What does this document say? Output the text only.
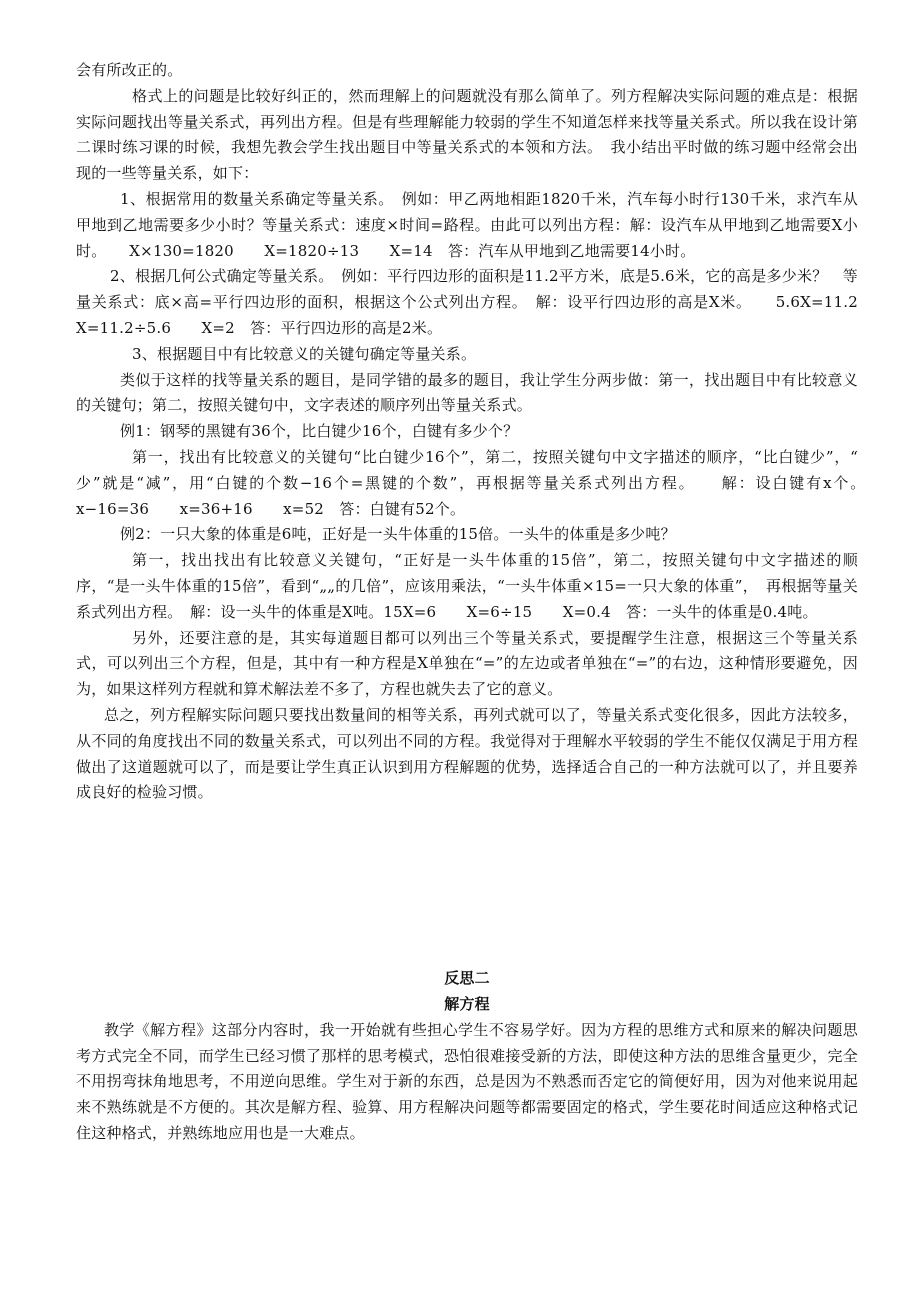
会有所改正的。

格式上的问题是比较好纠正的，然而理解上的问题就没有那么简单了。列方程解决实际问题的难点是：根据实际问题找出等量关系式，再列出方程。但是有些理解能力较弱的学生不知道怎样来找等量关系式。所以我在设计第二课时练习课的时候，我想先教会学生找出题目中等量关系式的本领和方法。　我小结出平时做的练习题中经常会出现的一些等量关系，如下：

1、根据常用的数量关系确定等量关系。　例如：甲乙两地相距1820千米，汽车每小时行130千米，求汽车从甲地到乙地需要多少小时？等量关系式：速度×时间=路程。由此可以列出方程：解：设汽车从甲地到乙地需要X小时。　　X×130=1820　　X=1820÷13　　X=14　答：汽车从甲地到乙地需要14小时。

2、根据几何公式确定等量关系。　例如：平行四边形的面积是11.2平方米，底是5.6米，它的高是多少米？　等量关系式：底×高=平行四边形的面积，根据这个公式列出方程。　解：设平行四边形的高是X米。　　5.6X=11.2　　X=11.2÷5.6　　X=2　答：平行四边形的高是2米。

3、根据题目中有比较意义的关键句确定等量关系。

类似于这样的找等量关系的题目，是同学错的最多的题目，我让学生分两步做：第一，找出题目中有比较意义的关键句；第二，按照关键句中，文字表述的顺序列出等量关系式。

例1：钢琴的黑键有36个，比白键少16个，白键有多少个？

第一，找出有比较意义的关键句“比白键少16个”，第二，按照关键句中文字描述的顺序，“比白键少”，“　少”就是“减”，用“白键的个数−16个=黑键的个数”，再根据等量关系式列出方程。　　解：设白键有x个。　　x−16=36　　x=36+16　　x=52　答：白键有52个。

例2：一只大象的体重是6吨，正好是一头牛体重的15倍。一头牛的体重是多少吨？

第一，找出找出有比较意义关键句，“正好是一头牛体重的15倍”，第二，按照关键句中文字描述的顺序，“是一头牛体重的15倍”，看到“„„的几倍”，应该用乘法，“一头牛体重×15=一只大象的体重”，　再根据等量关系式列出方程。　解：设一头牛的体重是X吨。15X=6　　X=6÷15　　X=0.4　答：一头牛的体重是0.4吨。

另外，还要注意的是，其实每道题目都可以列出三个等量关系式，要提醒学生注意，根据这三个等量关系式，可以列出三个方程，但是，其中有一种方程是X单独在“=”的左边或者单独在“=”的右边，这种情形要避免，因为，如果这样列方程就和算术解法差不多了，方程也就失去了它的意义。

总之，列方程解实际问题只要找出数量间的相等关系，再列式就可以了，等量关系式变化很多，因此方法较多，从不同的角度找出不同的数量关系式，可以列出不同的方程。我觉得对于理解水平较弱的学生不能仅仅满足于用方程做出了这道题就可以了，而是要让学生真正认识到用方程解题的优势，选择适合自己的一种方法就可以了，并且要养成良好的检验习惯。

反思二

解方程

教学《解方程》这部分内容时，我一开始就有些担心学生不容易学好。因为方程的思维方式和原来的解决问题思考方式完全不同，而学生已经习惯了那样的思考模式，恐怕很难接受新的方法，即使这种方法的思维含量更少，完全不用拐弯抹角地思考，不用逆向思维。学生对于新的东西，总是因为不熟悉而否定它的简便好用，因为对他来说用起来不熟练就是不方便的。其次是解方程、验算、用方程解决问题等都需要固定的格式，学生要花时间适应这种格式记住这种格式，并熟练地应用也是一大难点。
